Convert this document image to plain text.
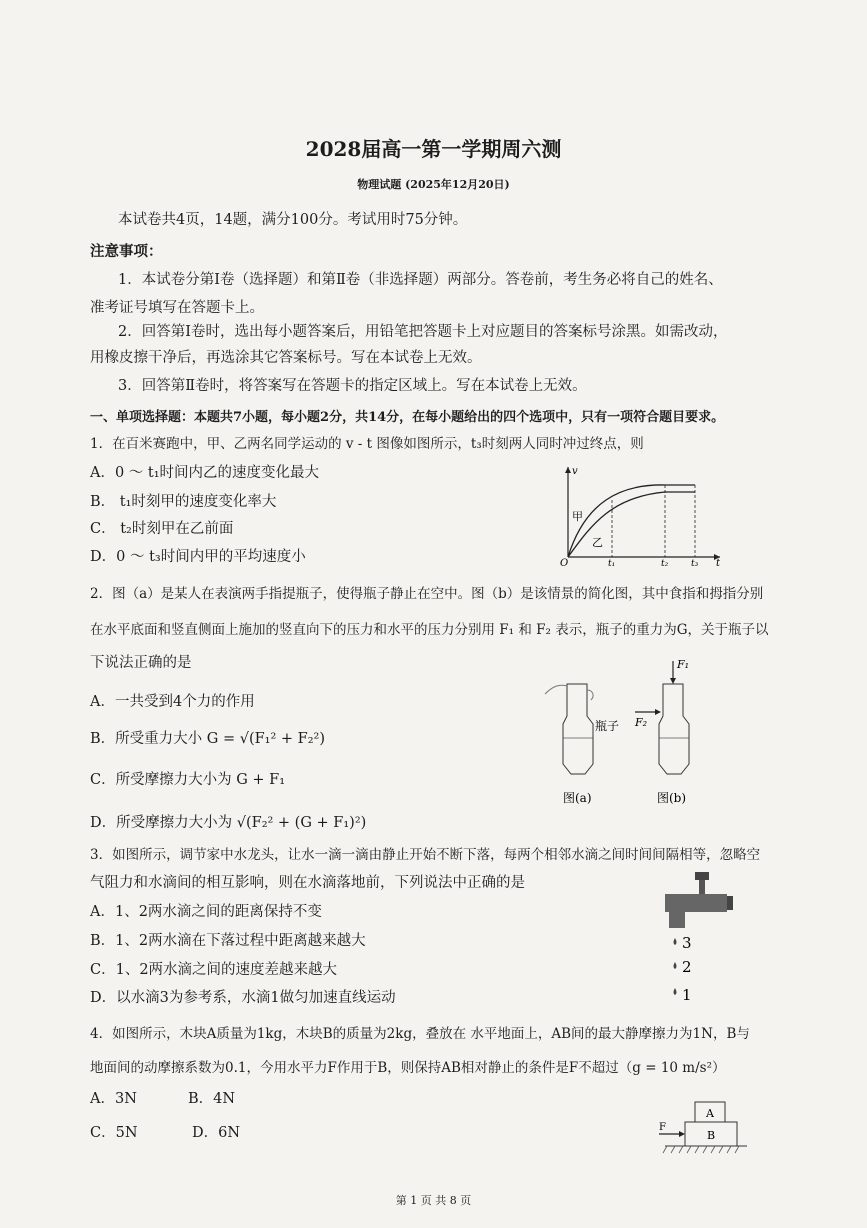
2028届高一第一学期周六测
物理试题 (2025年12月20日)
本试卷共4页，14题，满分100分。考试用时75分钟。
注意事项：
1．本试卷分第Ⅰ卷（选择题）和第Ⅱ卷（非选择题）两部分。答卷前，考生务必将自己的姓名、
准考证号填写在答题卡上。
2．回答第Ⅰ卷时，选出每小题答案后，用铅笔把答题卡上对应题目的答案标号涂黑。如需改动，
用橡皮擦干净后，再选涂其它答案标号。写在本试卷上无效。
3．回答第Ⅱ卷时，将答案写在答题卡的指定区域上。写在本试卷上无效。
一、单项选择题：本题共7小题，每小题2分，共14分，在每小题给出的四个选项中，只有一项符合题目要求。
1．在百米赛跑中，甲、乙两名同学运动的 v - t 图像如图所示，t₃时刻两人同时冲过终点，则
A．0 ～ t₁时间内乙的速度变化最大
B． t₁时刻甲的速度变化率大
C． t₂时刻甲在乙前面
D．0 ～ t₃时间内甲的平均速度小
v
t
O	t₁	t₂	t₃
甲
乙
2．图（a）是某人在表演两手指提瓶子，使得瓶子静止在空中。图（b）是该情景的简化图，其中食指和拇指分别
在水平底面和竖直侧面上施加的竖直向下的压力和水平的压力分别用 F₁ 和 F₂ 表示，瓶子的重力为G，关于瓶子以
下说法正确的是
A．一共受到4个力的作用
B．所受重力大小 G = √(F₁² + F₂²)
C．所受摩擦力大小为 G + F₁
D．所受摩擦力大小为 √(F₂² + (G + F₁)²)
瓶子
F₁
F₂
图(a)	图(b)
3．如图所示，调节家中水龙头，让水一滴一滴由静止开始不断下落，每两个相邻水滴之间时间间隔相等，忽略空
气阻力和水滴间的相互影响，则在水滴落地前，下列说法中正确的是
A．1、2两水滴之间的距离保持不变
B．1、2两水滴在下落过程中距离越来越大
C．1、2两水滴之间的速度差越来越大
D．以水滴3为参考系，水滴1做匀加速直线运动
3
2
1
4．如图所示，木块A质量为1kg，木块B的质量为2kg，叠放在 水平地面上，AB间的最大静摩擦力为1N，B与
地面间的动摩擦系数为0.1，今用水平力F作用于B，则保持AB相对静止的条件是F不超过（g = 10 m/s²）
A．3N	B．4N
C．5N	D．6N
A
B
F
第 1 页 共 8 页
